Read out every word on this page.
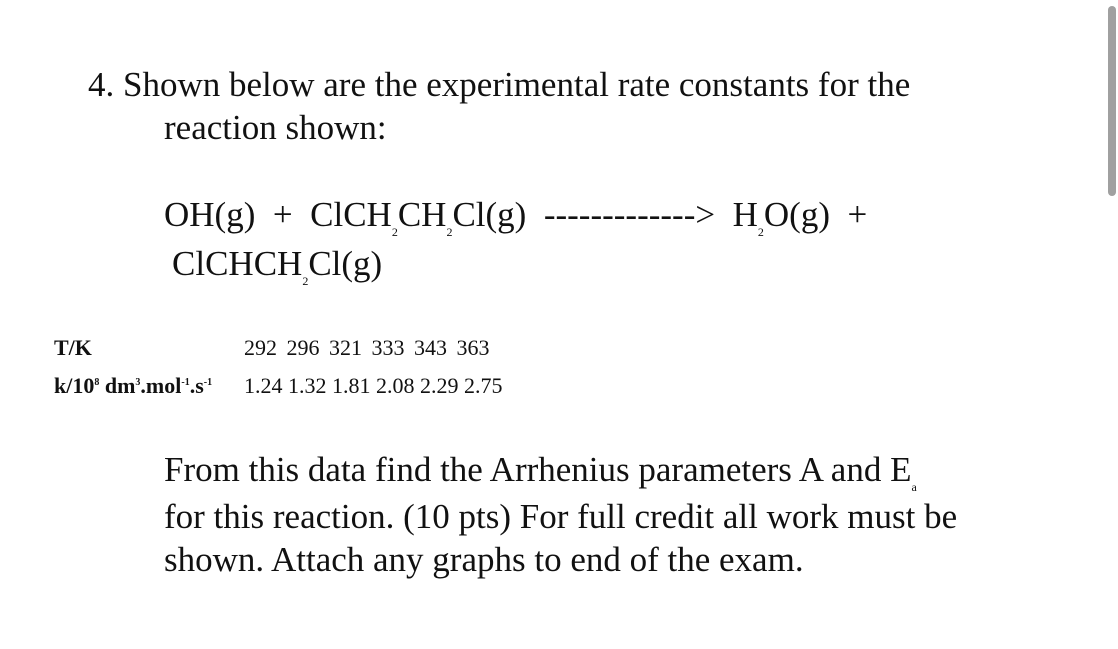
4. Shown below are the experimental rate constants for the
reaction shown:
$OH(g) + ClCH_2CH_2Cl(g)$ -------------> $H_2O(g)$ +
ClCHCH$_2$Cl(g)
T/K	292 296 321 333 343 363
$k/10^8$ $dm^3.mol^{-1}.s^{-1}$ 1.24 1.32 1.81 2.08 2.29 2.75
From this data find the Arrhenius parameters A and $E_a$
for this reaction. (10 pts) For full credit all work must be
shown. Attach any graphs to end of the exam.
